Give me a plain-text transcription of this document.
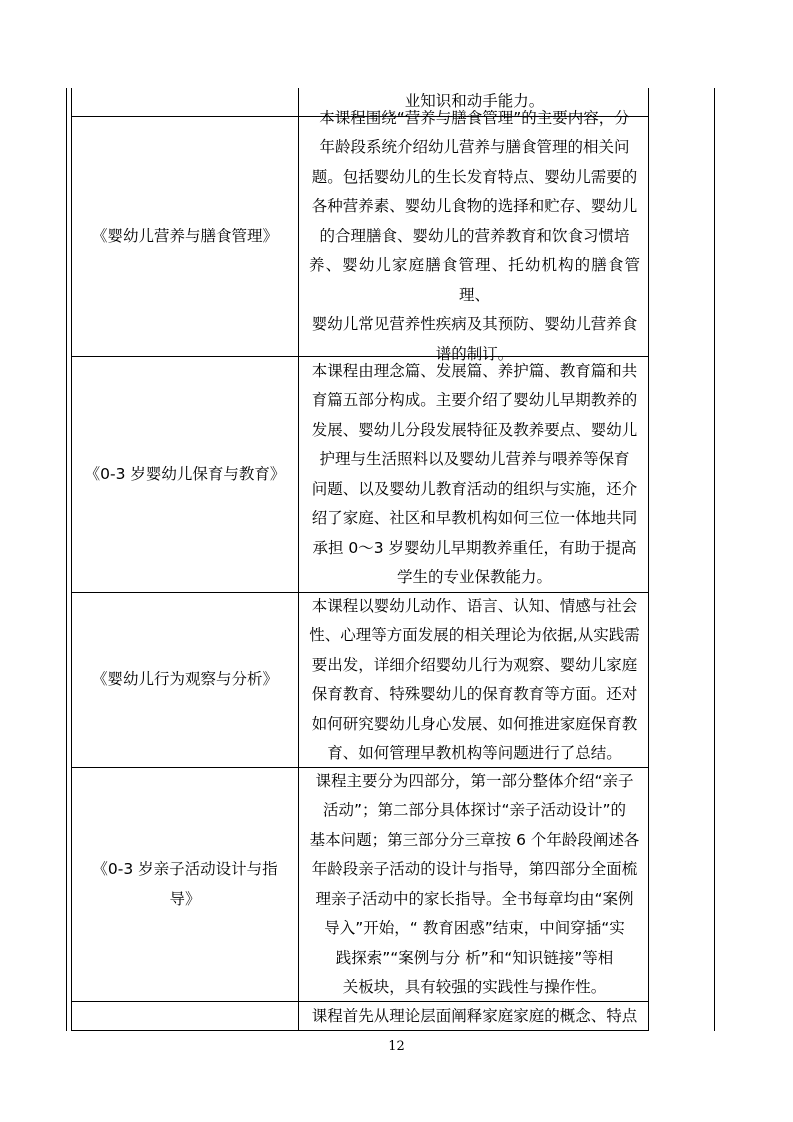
业知识和动手能力。
《婴幼儿营养与膳食管理》
本课程围绕“营养与膳食管理”的主要内容，分
年龄段系统介绍幼儿营养与膳食管理的相关问
题。包括婴幼儿的生长发育特点、婴幼儿需要的
各种营养素、婴幼儿食物的选择和贮存、婴幼儿
的合理膳食、婴幼儿的营养教育和饮食习惯培
养、婴幼儿家庭膳食管理、托幼机构的膳食管理、
婴幼儿常见营养性疾病及其预防、婴幼儿营养食
谱的制订。
《0-3 岁婴幼儿保育与教育》
本课程由理念篇、发展篇、养护篇、教育篇和共
育篇五部分构成。主要介绍了婴幼儿早期教养的
发展、婴幼儿分段发展特征及教养要点、婴幼儿
护理与生活照料以及婴幼儿营养与喂养等保育
问题、以及婴幼儿教育活动的组织与实施，还介
绍了家庭、社区和早教机构如何三位一体地共同
承担 0～3 岁婴幼儿早期教养重任，有助于提高
学生的专业保教能力。
《婴幼儿行为观察与分析》
本课程以婴幼儿动作、语言、认知、情感与社会
性、心理等方面发展的相关理论为依据,从实践需
要出发，详细介绍婴幼儿行为观察、婴幼儿家庭
保育教育、特殊婴幼儿的保育教育等方面。还对
如何研究婴幼儿身心发展、如何推进家庭保育教
育、如何管理早教机构等问题进行了总结。
《0-3 岁亲子活动设计与指导》
课程主要分为四部分，第一部分整体介绍“亲子
活动”；第二部分具体探讨“亲子活动设计”的
基本问题；第三部分分三章按 6 个年龄段阐述各
年龄段亲子活动的设计与指导，第四部分全面梳
理亲子活动中的家长指导。全书每章均由“案例
导入”开始，“ 教育困惑”结束，中间穿插“实
践探索”“案例与分 析”和“知识链接”等相
关板块，具有较强的实践性与操作性。
课程首先从理论层面阐释家庭家庭的概念、特点
12
